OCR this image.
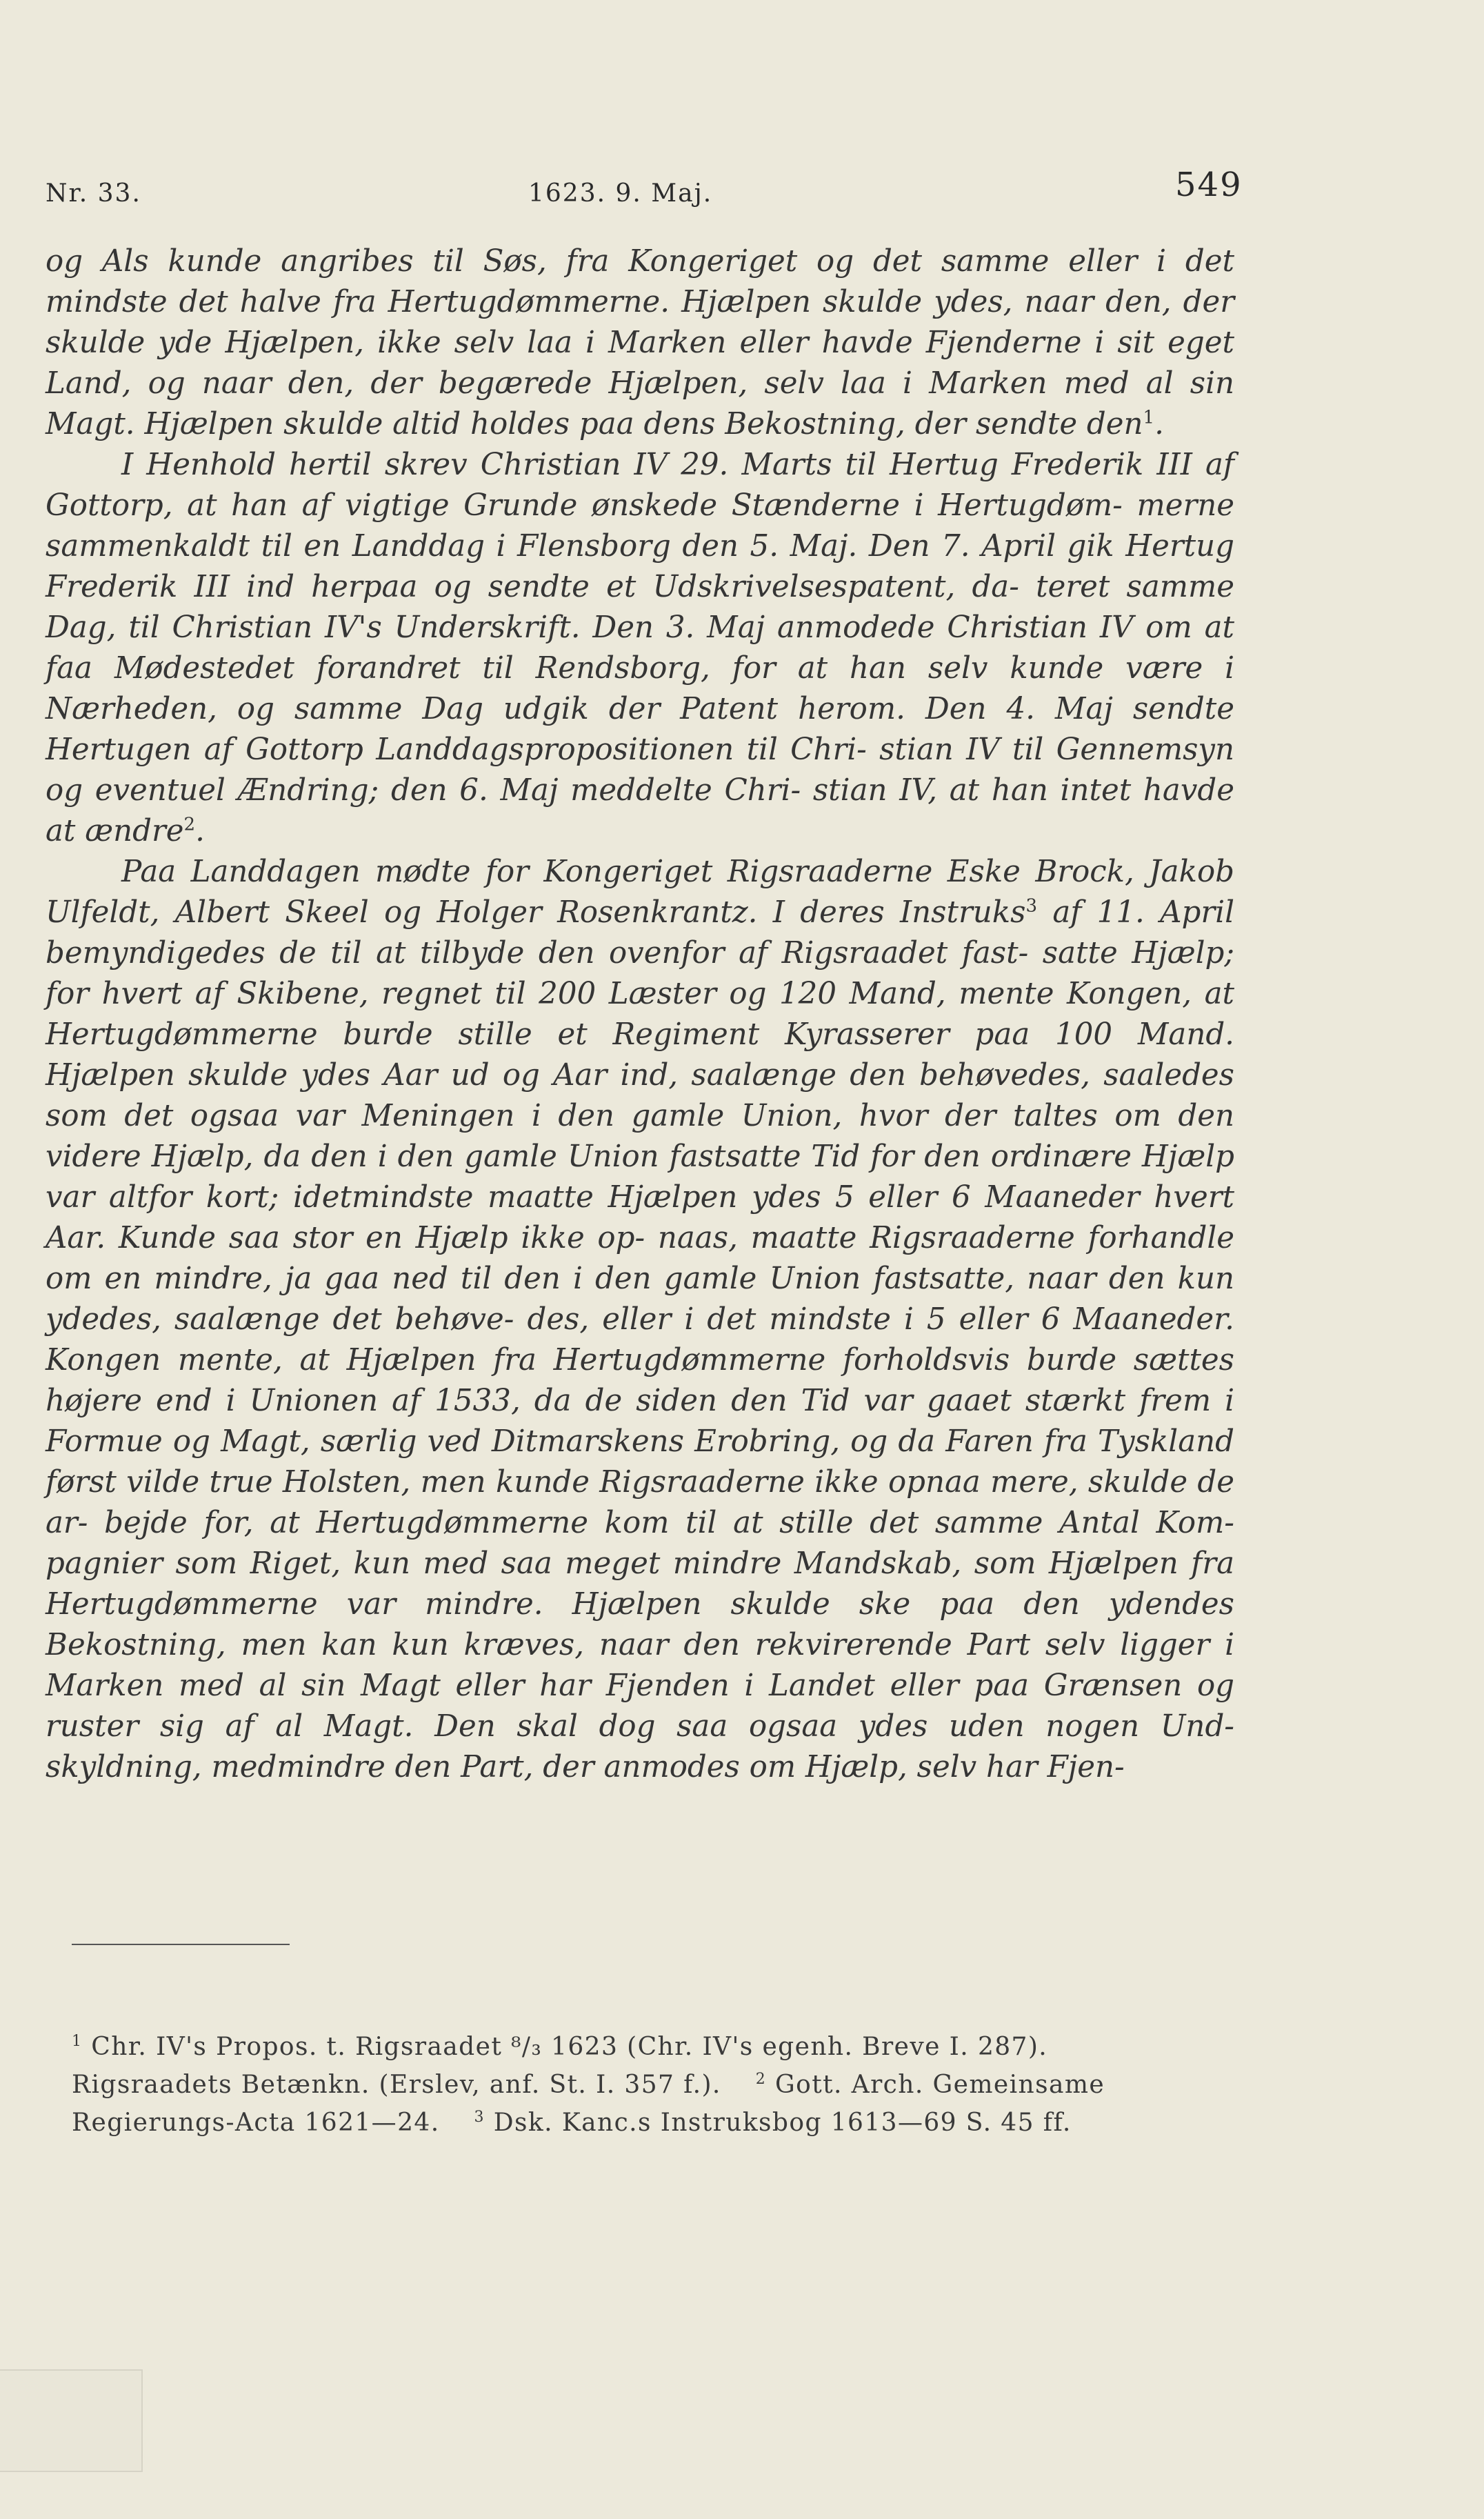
Nr. 33.	1623. 9. Maj.	549

og Als kunde angribes til Søs, fra Kongeriget og det samme eller i det mindste det halve fra Hertugdømmerne. Hjælpen skulde ydes, naar den, der skulde yde Hjælpen, ikke selv laa i Marken eller havde Fjenderne i sit eget Land, og naar den, der begærede Hjælpen, selv laa i Marken med al sin Magt. Hjælpen skulde altid holdes paa dens Bekostning, der sendte den$^1$.

I Henhold hertil skrev Christian IV 29. Marts til Hertug Frederik III af Gottorp, at han af vigtige Grunde ønskede Stænderne i Hertugdøm- merne sammenkaldt til en Landdag i Flensborg den 5. Maj. Den 7. April gik Hertug Frederik III ind herpaa og sendte et Udskrivelsespatent, da- teret samme Dag, til Christian IV's Underskrift. Den 3. Maj anmodede Christian IV om at faa Mødestedet forandret til Rendsborg, for at han selv kunde være i Nærheden, og samme Dag udgik der Patent herom. Den 4. Maj sendte Hertugen af Gottorp Landdagspropositionen til Chri- stian IV til Gennemsyn og eventuel Ændring; den 6. Maj meddelte Chri- stian IV, at han intet havde at ændre$^2$.

Paa Landdagen mødte for Kongeriget Rigsraaderne Eske Brock, Jakob Ulfeldt, Albert Skeel og Holger Rosenkrantz. I deres Instruks$^3$ af 11. April bemyndigedes de til at tilbyde den ovenfor af Rigsraadet fast- satte Hjælp; for hvert af Skibene, regnet til 200 Læster og 120 Mand, mente Kongen, at Hertugdømmerne burde stille et Regiment Kyrasserer paa 100 Mand. Hjælpen skulde ydes Aar ud og Aar ind, saalænge den behøvedes, saaledes som det ogsaa var Meningen i den gamle Union, hvor der taltes om den videre Hjælp, da den i den gamle Union fastsatte Tid for den ordinære Hjælp var altfor kort; idetmindste maatte Hjælpen ydes 5 eller 6 Maaneder hvert Aar. Kunde saa stor en Hjælp ikke op- naas, maatte Rigsraaderne forhandle om en mindre, ja gaa ned til den i den gamle Union fastsatte, naar den kun ydedes, saalænge det behøve- des, eller i det mindste i 5 eller 6 Maaneder. Kongen mente, at Hjælpen fra Hertugdømmerne forholdsvis burde sættes højere end i Unionen af 1533, da de siden den Tid var gaaet stærkt frem i Formue og Magt, særlig ved Ditmarskens Erobring, og da Faren fra Tyskland først vilde true Holsten, men kunde Rigsraaderne ikke opnaa mere, skulde de ar- bejde for, at Hertugdømmerne kom til at stille det samme Antal Kom- pagnier som Riget, kun med saa meget mindre Mandskab, som Hjælpen fra Hertugdømmerne var mindre. Hjælpen skulde ske paa den ydendes Bekostning, men kan kun kræves, naar den rekvirerende Part selv ligger i Marken med al sin Magt eller har Fjenden i Landet eller paa Grænsen og ruster sig af al Magt. Den skal dog saa ogsaa ydes uden nogen Und- skyldning, medmindre den Part, der anmodes om Hjælp, selv har Fjen-

$^1$ Chr. IV's Propos. t. Rigsraadet ⁸/₃ 1623 (Chr. IV's egenh. Breve I. 287).
Rigsraadets Betænkn. (Erslev, anf. St. I. 357 f.). $^2$ Gott. Arch. Gemeinsame
Regierungs-Acta 1621—24. $^3$ Dsk. Kanc.s Instruksbog 1613—69 S. 45 ff.
